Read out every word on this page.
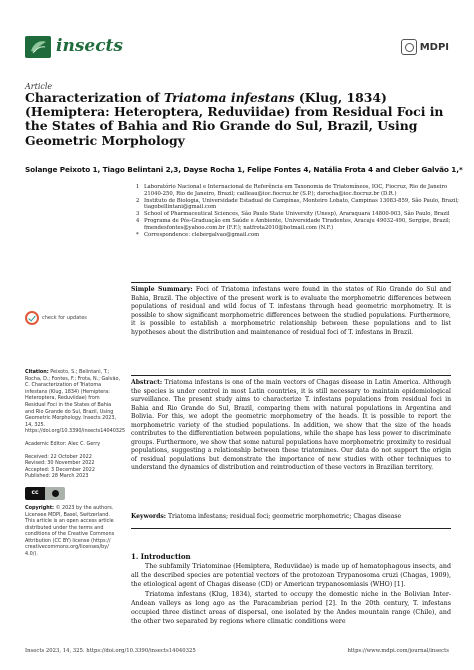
insects	MDPI
Article
Characterization of Triatoma infestans (Klug, 1834) (Hemiptera: Heteroptera, Reduviidae) from Residual Foci in the States of Bahia and Rio Grande do Sul, Brazil, Using Geometric Morphology
Solange Peixoto 1, Tiago Belintani 2,3, Dayse Rocha 1, Felipe Fontes 4, Natália Frota 4 and Cleber Galvão 1,*
1 Laboratório Nacional e Internacional de Referência em Taxonomia de Triatomíneos, IOC, Fiocruz, Rio de Janeiro 21040-250, Rio de Janeiro, Brazil; cailleau@ioc.fiocruz.br (S.P.); dsrocha@ioc.fiocruz.br (D.R.)
2 Instituto de Biologia, Universidade Estadual de Campinas, Monteiro Lobato, Campinas 13083-859, São Paulo, Brazil; tiagobellintani@gmail.com
3 School of Pharmaceutical Sciences, São Paulo State University (Unesp), Araraquara 14800-903, São Paulo, Brazil
4 Programa de Pós-Graduação em Saúde e Ambiente, Universidade Tiradentes, Aracaju 49032-490, Sergipe, Brazil; fmendesfontes@yahoo.com.br (F.F.); natfrota2010@hotmail.com (N.F.)
*	Correspondence: clebergalvao@gmail.com
check for updates
Citation: Peixoto, S.; Belintani, T.; Rocha, D.; Fontes, F.; Frota, N.; Galvão, C. Characterization of Triatoma infestans (Klug, 1834) (Hemiptera: Heteroptera, Reduviidae) from Residual Foci in the States of Bahia and Rio Grande do Sul, Brazil, Using Geometric Morphology. Insects 2023, 14, 325. https://doi.org/10.3390/insects14040325
Academic Editor: Alec C. Gerry
Received: 22 October 2022
Revised: 30 November 2022
Accepted: 3 December 2022
Published: 28 March 2023
cc
Copyright: © 2023 by the authors. Licensee MDPI, Basel, Switzerland. This article is an open access article distributed under the terms and conditions of the Creative Commons Attribution (CC BY) license (https:// creativecommons.org/licenses/by/ 4.0/).
Simple Summary: Foci of Triatoma infestans were found in the states of Rio Grande do Sul and Bahia, Brazil. The objective of the present work is to evaluate the morphometric differences between populations of residual and wild focus of T. infestans through head geometric morphometry. It is possible to show significant morphometric differences between the studied populations. Furthermore, it is possible to establish a morphometric relationship between these populations and to list hypotheses about the distribution and maintenance of residual foci of T. infestans in Brazil.
Abstract: Triatoma infestans is one of the main vectors of Chagas disease in Latin America. Although the species is under control in most Latin countries, it is still necessary to maintain epidemiological surveillance. The present study aims to characterize T. infestans populations from residual foci in Bahia and Rio Grande do Sul, Brazil, comparing them with natural populations in Argentina and Bolivia. For this, we adopt the geometric morphometry of the heads. It is possible to report the morphometric variety of the studied populations. In addition, we show that the size of the heads contributes to the differentiation between populations, while the shape has less power to discriminate groups. Furthermore, we show that some natural populations have morphometric proximity to residual populations, suggesting a relationship between these triatomines. Our data do not support the origin of residual populations but demonstrate the importance of new studies with other techniques to understand the dynamics of distribution and reintroduction of these vectors in Brazilian territory.
Keywords: Triatoma infestans; residual foci; geometric morphometric; Chagas disease
1. Introduction

The subfamily Triatominae (Hemiptera, Reduviidae) is made up of hematophagous insects, and all the described species are potential vectors of the protozoan Trypanosoma cruzi (Chagas, 1909), the etiological agent of Chagas disease (CD) or American trypanosomiasis (WHO) [1].

Triatoma infestans (Klug, 1834), started to occupy the domestic niche in the Bolivian Inter-Andean valleys as long ago as the Paracambrian period [2]. In the 20th century, T. infestans occupied three distinct areas of dispersal, one isolated by the Andes mountain range (Chile), and the other two separated by regions where climatic conditions were

Insects 2023, 14, 325. https://doi.org/10.3390/insects14040325	https://www.mdpi.com/journal/insects
